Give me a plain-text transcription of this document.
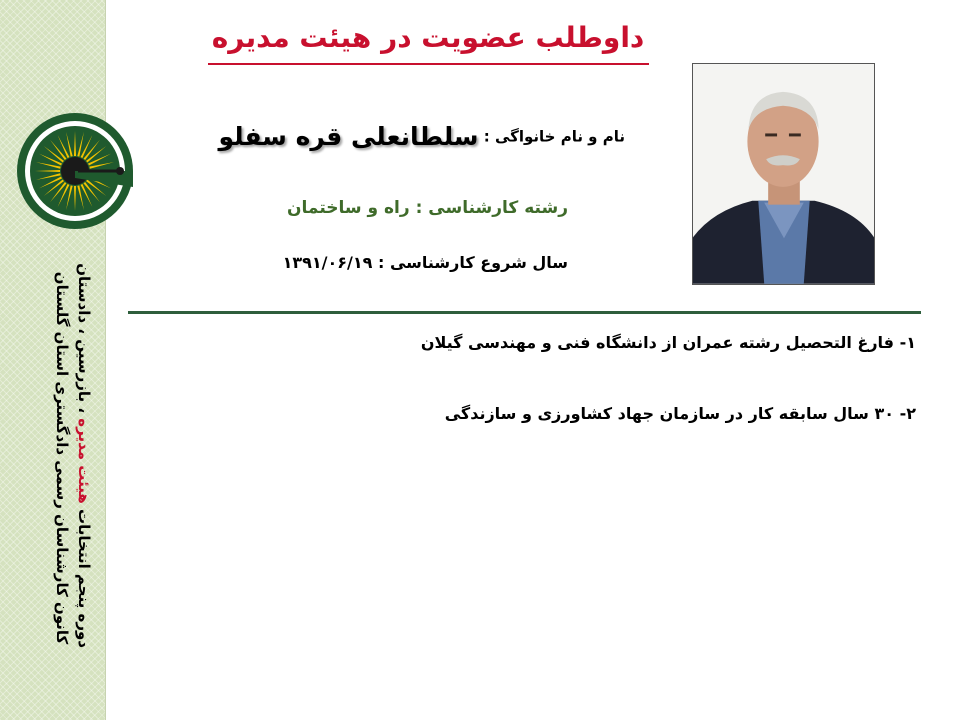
دوره پنجم انتخابات هیئت مدیره ، بازرسین ، دادستان
کانون کارشناسان رسمی دادگستری استان گلستان
داوطلب عضویت در هیئت مدیره
نام و نام خانواگی : سلطانعلی قره سفلو
رشته کارشناسی : راه و ساختمان
سال شروع کارشناسی : ۱۳۹۱/۰۶/۱۹
۱- فارغ التحصیل رشته عمران از دانشگاه فنی و مهندسی گیلان
۲- ۳۰ سال سابقه کار در سازمان جهاد کشاورزی و سازندگی
